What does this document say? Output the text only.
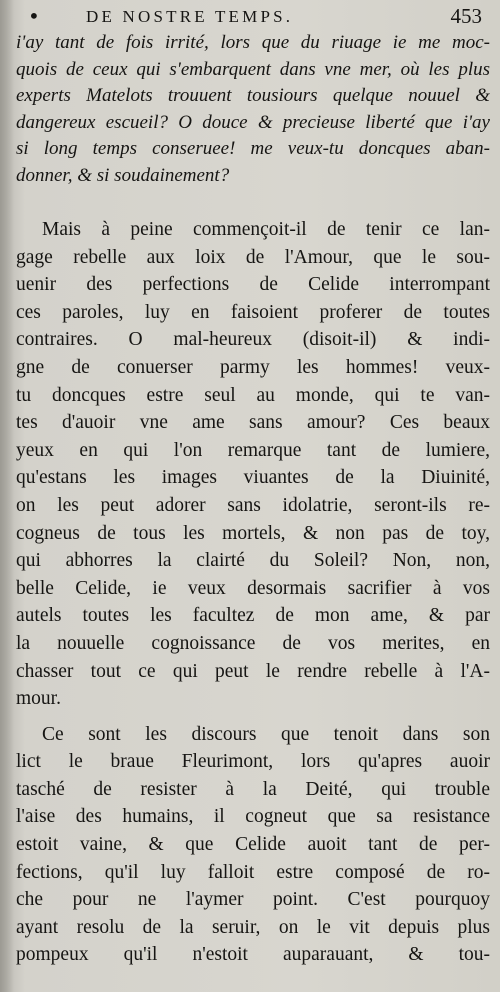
•	DE NOSTRE TEMPS.	453
i'ay tant de fois irrité, lors que du riuage ie me moc-
quois de ceux qui s'embarquent dans vne mer, où les plus
experts Matelots trouuent tousiours quelque nouuel &
dangereux escueil? O douce & precieuse liberté que i'ay
si long temps conseruee! me veux-tu doncques aban-
donner, & si soudainement?
Mais à peine commençoit-il de tenir ce lan-
gage rebelle aux loix de l'Amour, que le sou-
uenir des perfections de Celide interrompant
ces paroles, luy en faisoient proferer de toutes
contraires. O mal-heureux (disoit-il) & indi-
gne de conuerser parmy les hommes! veux-
tu doncques estre seul au monde, qui te van-
tes d'auoir vne ame sans amour? Ces beaux
yeux en qui l'on remarque tant de lumiere,
qu'estans les images viuantes de la Diuinité,
on les peut adorer sans idolatrie, seront-ils re-
cogneus de tous les mortels, & non pas de toy,
qui abhorres la clairté du Soleil? Non, non,
belle Celide, ie veux desormais sacrifier à vos
autels toutes les facultez de mon ame, & par
la nouuelle cognoissance de vos merites, en
chasser tout ce qui peut le rendre rebelle à l'A-
mour.
Ce sont les discours que tenoit dans son
lict le braue Fleurimont, lors qu'apres auoir
tasché de resister à la Deité, qui trouble
l'aise des humains, il cogneut que sa resistance
estoit vaine, & que Celide auoit tant de per-
fections, qu'il luy falloit estre composé de ro-
che pour ne l'aymer point. C'est pourquoy
ayant resolu de la seruir, on le vit depuis plus
pompeux qu'il n'estoit auparauant, & tou-
